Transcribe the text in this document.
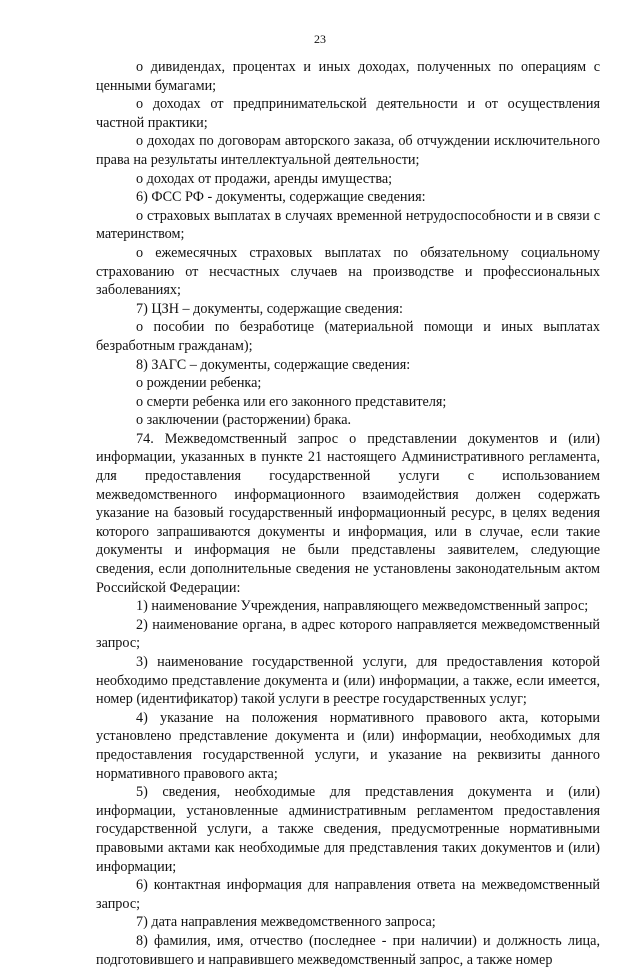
23

о дивидендах, процентах и иных доходах, полученных по операциям с ценными бумагами;

о доходах от предпринимательской деятельности и от осуществления частной практики;

о доходах по договорам авторского заказа, об отчуждении исключительного права на результаты интеллектуальной деятельности;

о доходах от продажи, аренды имущества;

6) ФСС РФ - документы, содержащие сведения:

о страховых выплатах в случаях временной нетрудоспособности и в связи с материнством;

о ежемесячных страховых выплатах по обязательному социальному страхованию от несчастных случаев на производстве и профессиональных заболеваниях;

7) ЦЗН – документы, содержащие сведения:

о пособии по безработице (материальной помощи и иных выплатах безработным гражданам);

8) ЗАГС – документы, содержащие сведения:

о рождении ребенка;

о смерти ребенка или его законного представителя;

о заключении (расторжении) брака.

74. Межведомственный запрос о представлении документов и (или) информации, указанных в пункте 21 настоящего Административного регламента, для предоставления государственной услуги с использованием межведомственного информационного взаимодействия должен содержать указание на базовый государственный информационный ресурс, в целях ведения которого запрашиваются документы и информация, или в случае, если такие документы и информация не были представлены заявителем, следующие сведения, если дополнительные сведения не установлены законодательным актом Российской Федерации:

1) наименование Учреждения, направляющего межведомственный запрос;

2) наименование органа, в адрес которого направляется межведомственный запрос;

3) наименование государственной услуги, для предоставления которой необходимо представление документа и (или) информации, а также, если имеется, номер (идентификатор) такой услуги в реестре государственных услуг;

4) указание на положения нормативного правового акта, которыми установлено представление документа и (или) информации, необходимых для предоставления государственной услуги, и указание на реквизиты данного нормативного правового акта;

5) сведения, необходимые для представления документа и (или) информации, установленные административным регламентом предоставления государственной услуги, а также сведения, предусмотренные нормативными правовыми актами как необходимые для представления таких документов и (или) информации;

6) контактная информация для направления ответа на межведомственный запрос;

7) дата направления межведомственного запроса;

8) фамилия, имя, отчество (последнее - при наличии) и должность лица, подготовившего и направившего межведомственный запрос, а также номер
